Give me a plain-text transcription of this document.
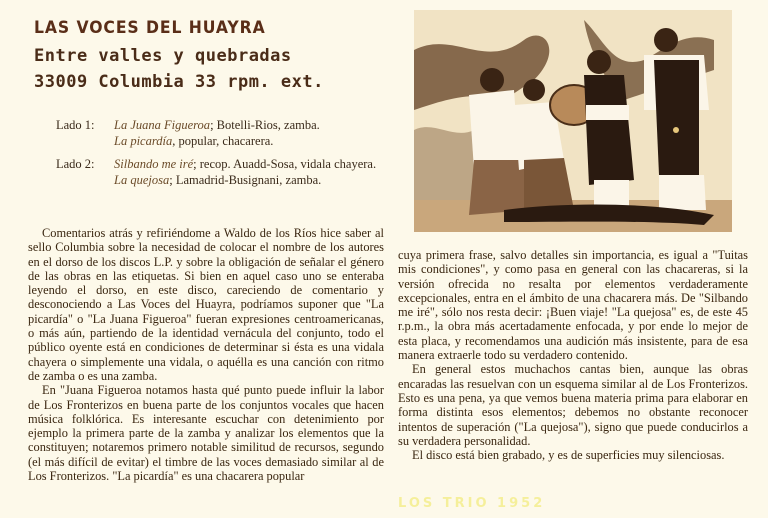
LAS VOCES DEL HUAYRA
Entre valles y quebradas
33009 Columbia 33 rpm. ext.
Lado 1:	La Juana Figueroa; Botelli-Rios, zamba.
La picardía, popular, chacarera.
Lado 2:	Silbando me iré; recop. Auadd-Sosa, vidala chayera.
La quejosa; Lamadrid-Busignani, zamba.

Comentarios atrás y refiriéndome a Waldo de los Ríos hice saber al sello Columbia sobre la necesidad de colocar el nombre de los autores en el dorso de los discos L.P. y sobre la obligación de señalar el género de las obras en las etiquetas. Si bien en aquel caso uno se enteraba leyendo el dorso, en este disco, careciendo de comentario y desconociendo a Las Voces del Huayra, podríamos suponer que "La picardía" o "La Juana Figueroa" fueran expresiones centroamericanas, o más aún, partiendo de la identidad vernácula del conjunto, todo el público oyente está en condiciones de determinar si ésta es una vidala chayera o simplemente una vidala, o aquélla es una canción con ritmo de zamba o es una zamba.

En "Juana Figueroa notamos hasta qué punto puede influir la labor de Los Fronterizos en buena parte de los conjuntos vocales que hacen música folklórica. Es interesante escuchar con detenimiento por ejemplo la primera parte de la zamba y analizar los elementos que la constituyen; notaremos primero notable similitud de recursos, segundo (el más difícil de evitar) el timbre de las voces demasiado similar al de Los Fronterizos. "La picardía" es una chacarera popular

cuya primera frase, salvo detalles sin importancia, es igual a "Tuitas mis condiciones", y como pasa en general con las chacareras, si la versión ofrecida no resalta por elementos verdaderamente excepcionales, entra en el ámbito de una chacarera más. De "Silbando me iré", sólo nos resta decir: ¡Buen viaje! "La quejosa" es, de este 45 r.p.m., la obra más acertadamente enfocada, y por ende lo mejor de esta placa, y recomendamos una audición más insistente, para de esa manera extraerle todo su verdadero contenido.

En general estos muchachos cantas bien, aunque las obras encaradas las resuelvan con un esquema similar al de Los Fronterizos. Esto es una pena, ya que vemos buena materia prima para elaborar en forma distinta esos elementos; debemos no obstante reconocer intentos de superación ("La quejosa"), signo que puede conducirlos a su verdadera personalidad.

El disco está bien grabado, y es de superficies muy silenciosas.

LOS TRIO 1952
